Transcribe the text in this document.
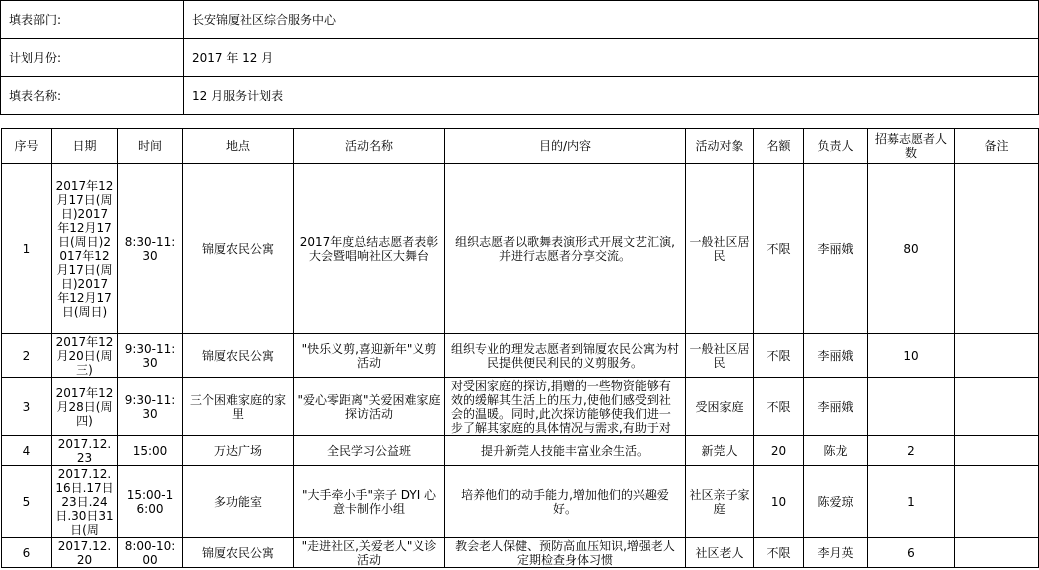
填表部门:	长安锦厦社区综合服务中心
计划月份:	2017 年 12 月
填表名称:	12 月服务计划表
序号	日期	时间	地点	活动名称	目的/内容	活动对象	名额	负责人	招募志愿者人数	备注
1	2017年12月17日(周日)2017年12月17日(周日)2017年12月17日(周日)2017年12月17日(周日)	8:30-11:30	锦厦农民公寓	2017年度总结志愿者表彰大会暨唱响社区大舞台	组织志愿者以歌舞表演形式开展文艺汇演,并进行志愿者分享交流。	一般社区居民	不限	李丽娥	80	
2	2017年12月20日(周三)	9:30-11:30	锦厦农民公寓	"快乐义剪,喜迎新年"义剪活动	组织专业的理发志愿者到锦厦农民公寓为村民提供便民利民的义剪服务。	一般社区居民	不限	李丽娥	10	
3	2017年12月28日(周四)	9:30-11:30	三个困难家庭的家里	"爱心零距离"关爱困难家庭探访活动	对受困家庭的探访,捐赠的一些物资能够有效的缓解其生活上的压力,使他们感受到社会的温暖。同时,此次探访能够使我们进一步了解其家庭的具体情况与需求,有助于对	受困家庭	不限	李丽娥		
4	2017.12.23	15:00	万达广场	全民学习公益班	提升新莞人技能丰富业余生活。	新莞人	20	陈龙	2	
5	2017.12.16日.17日23日.24日.30日31日(周	15:00-16:00	多功能室	"大手牵小手"亲子 DYI 心意卡制作小组	培养他们的动手能力,增加他们的兴趣爱好。	社区亲子家庭	10	陈爱琼	1	
6	2017.12.20	8:00-10:00	锦厦农民公寓	"走进社区,关爱老人"义诊活动	教会老人保健、预防高血压知识,增强老人定期检查身体习惯	社区老人	不限	李月英	6	
